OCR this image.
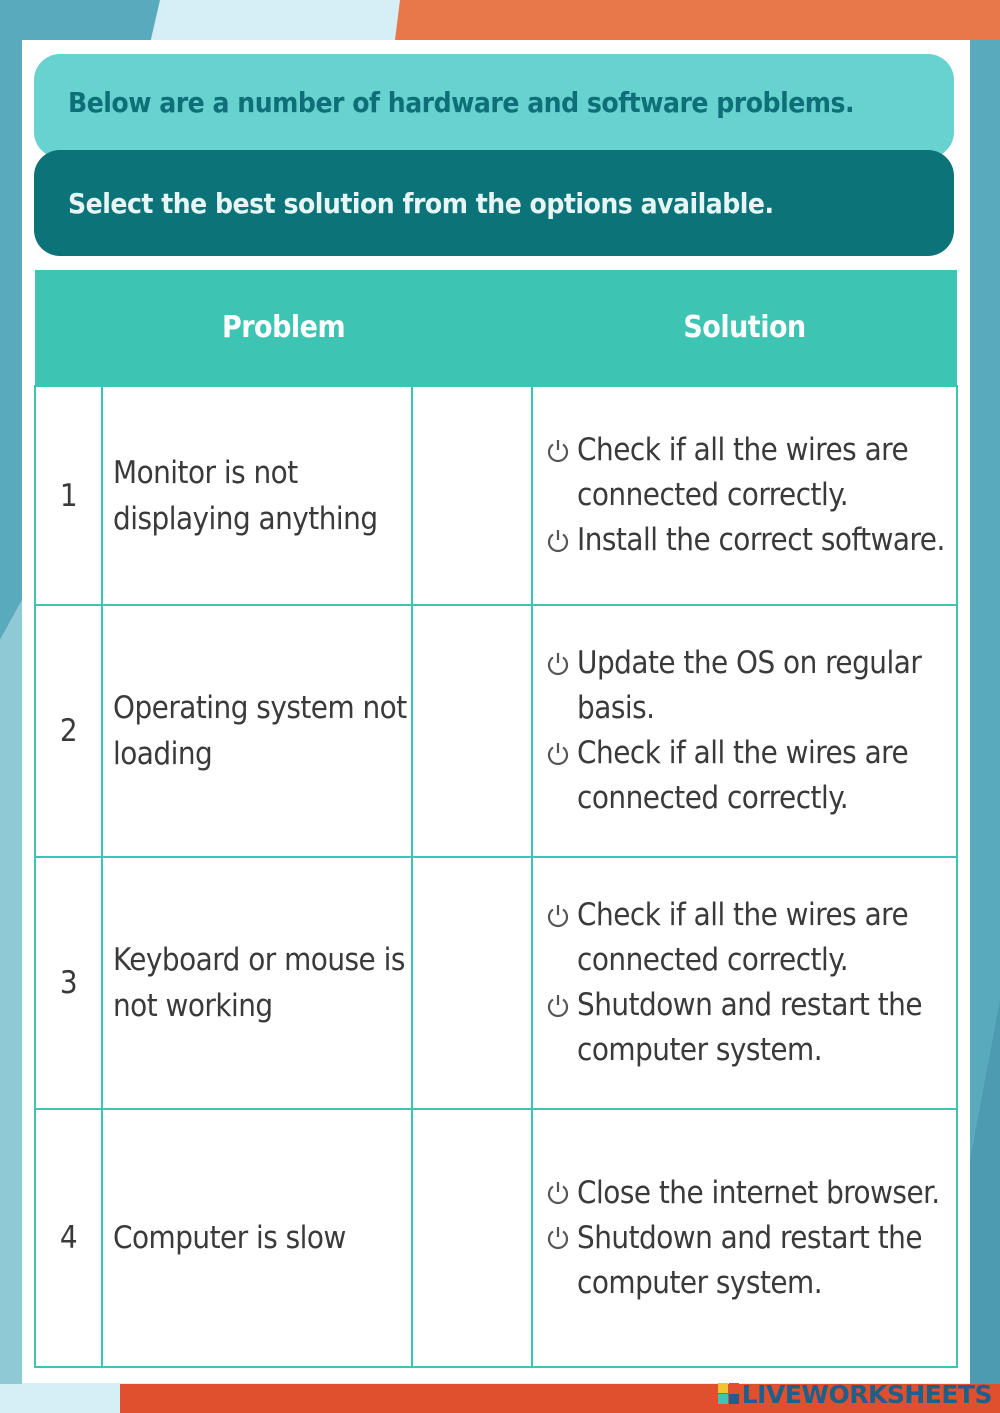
Below are a number of hardware and software problems.
Select the best solution from the options available.
Problem			Solution
1	Monitor is not displaying anything		Check if all the wires are connected correctly.
Install the correct software.

2	Operating system not loading		Update the OS on regular basis.
Check if all the wires are connected correctly.

3	Keyboard or mouse is not working		Check if all the wires are connected correctly.
Shutdown and restart the computer system.

4	Computer is slow		Close the internet browser.
Shutdown and restart the computer system.
LIVEWORKSHEETS
